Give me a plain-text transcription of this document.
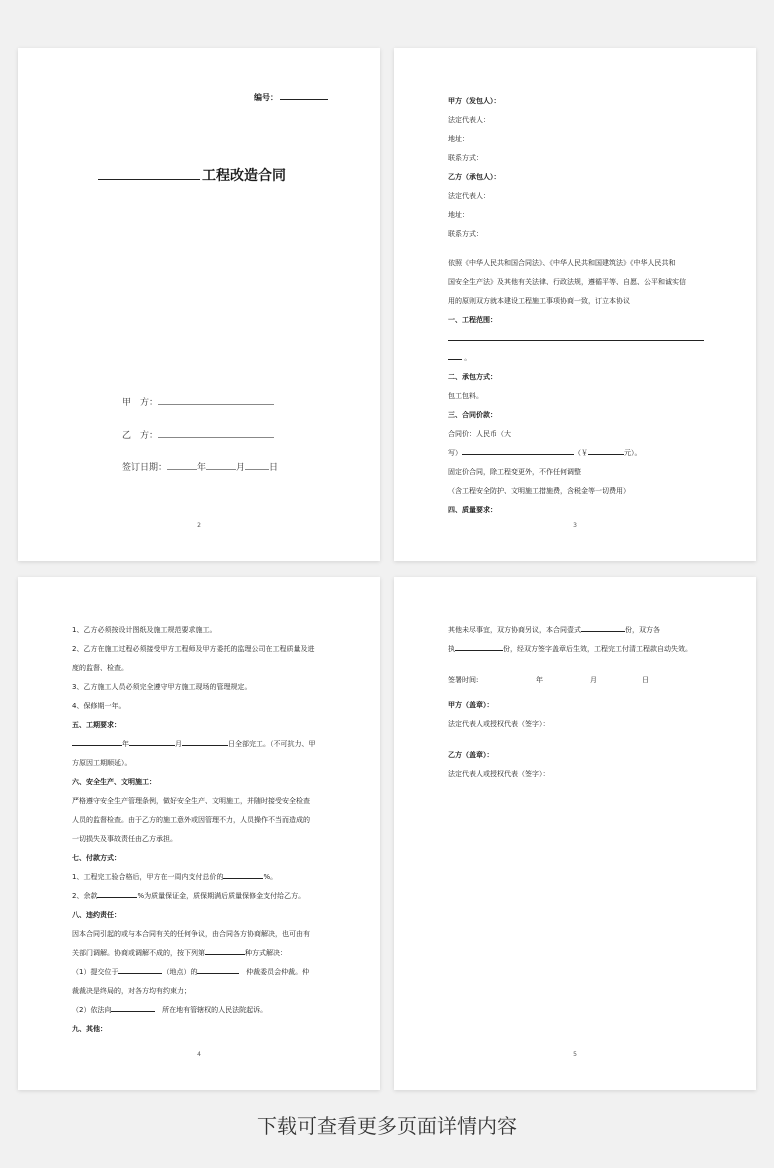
编号：
工程改造合同
甲　方：
乙　方：
签订日期：	年	月	日
2
甲方（发包人）：
法定代表人：
地址：
联系方式：
乙方（承包人）：
法定代表人：
地址：
联系方式：
依照《中华人民共和国合同法》、《中华人民共和国建筑法》《中华人民共和
国安全生产法》及其他有关法律、行政法规，遵循平等、自愿、公平和诚实信
用的原则双方就本建设工程施工事项协商一致，订立本协议
一、工程范围：
。
二、承包方式：
包工包料。
三、合同价款：
合同价：人民币（大
写）	（￥	元）。
固定价合同，除工程变更外，不作任何调整
（含工程安全防护、文明施工措施费，含税金等一切费用）
四、质量要求：
3
1、乙方必须按设计图纸及施工规范要求施工。
2、乙方在施工过程必须接受甲方工程师及甲方委托的监理公司在工程质量及进
度的监督、检查。
3、乙方施工人员必须完全遵守甲方施工现场的管理规定。
4、保修期一年。
五、工期要求：
年	月	日全部完工。（不可抗力、甲
方原因工期顺延）。
六、安全生产、文明施工：
严格遵守安全生产管理条例，做好安全生产、文明施工，并随时接受安全检查
人员的监督检查。由于乙方的施工意外或因管理不力，人员操作不当而造成的
一切损失及事故责任由乙方承担。
七、付款方式：
1、工程完工验合格后，甲方在一周内支付总价的	%。
2、余款	%为质量保证金，质保期满后质量保修金支付给乙方。
八、违约责任：
因本合同引起的或与本合同有关的任何争议，由合同各方协商解决，也可由有
关部门调解。协商或调解不成的，按下列第	种方式解决：
（1）提交位于	（地点）的	仲裁委员会仲裁。仲
裁裁决是终局的，对各方均有约束力；
（2）依法向	所在地有管辖权的人民法院起诉。
九、其他：
4
其他未尽事宜，双方协商另议，本合同壹式	份，双方各
执	份，经双方签字盖章后生效，工程完工付清工程款自动失效。
签署时间:	年	月	日
甲方（盖章）：
法定代表人或授权代表（签字）：
乙方（盖章）：
法定代表人或授权代表（签字）：
5
下载可查看更多页面详情内容
